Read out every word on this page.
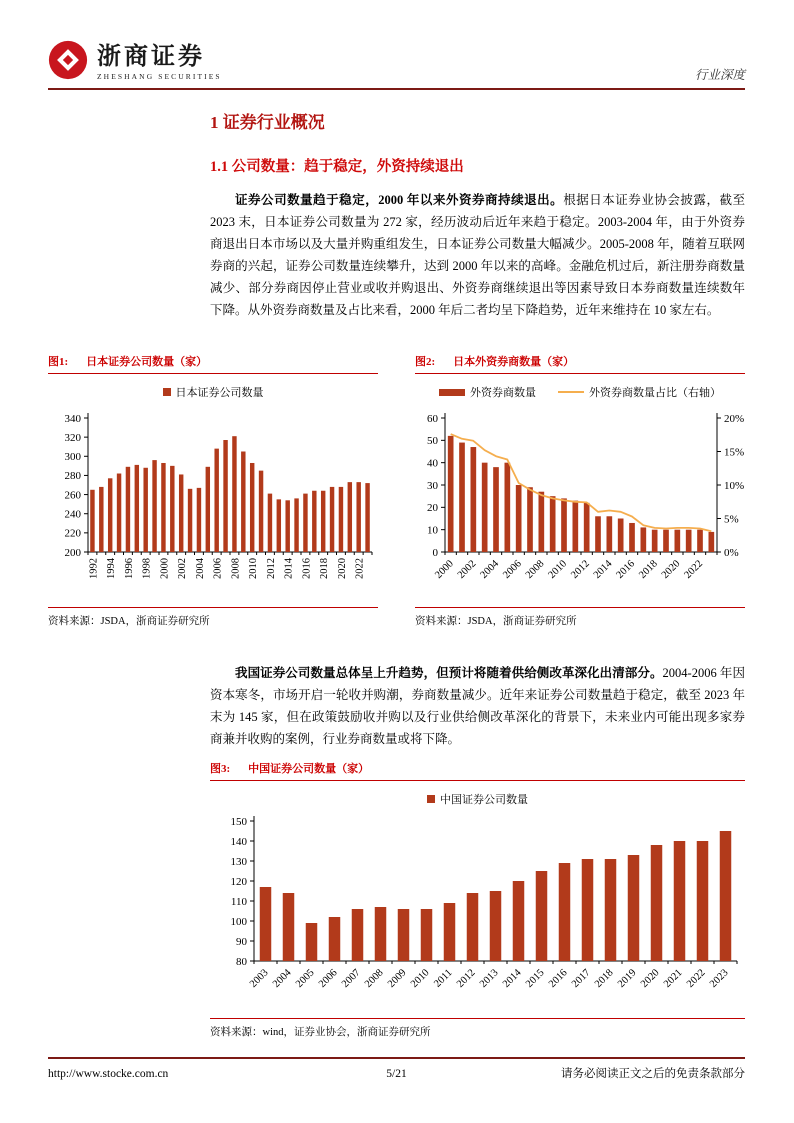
浙商证券
ZHESHANG SECURITIES	行业深度
1 证券行业概况
1.1 公司数量：趋于稳定，外资持续退出

证券公司数量趋于稳定，2000 年以来外资券商持续退出。根据日本证券业协会披露，截至 2023 末，日本证券公司数量为 272 家，经历波动后近年来趋于稳定。2003-2004 年，由于外资券商退出日本市场以及大量并购重组发生，日本证券公司数量大幅减少。2005-2008 年，随着互联网券商的兴起，证券公司数量连续攀升，达到 2000 年以来的高峰。金融危机过后，新注册券商数量减少、部分券商因停止营业或收并购退出、外资券商继续退出等因素导致日本券商数量连续数年下降。从外资券商数量及占比来看，2000 年后二者均呈下降趋势，近年来维持在 10 家左右。

图1: 日本证券公司数量（家）
日本证券公司数量
200
220
240
260
280
300
320
340
1992 1994 1996 1998 2000 2002 2004 2006 2008 2010 2012 2014 2016 2018 2020 2022
资料来源：JSDA，浙商证券研究所
图2: 日本外资券商数量（家）
外资券商数量	外资券商数量占比（右轴）
0
10
20
30
40
50
60
0%
5%
10%
15%
20%
2000 2002 2004 2006 2008 2010 2012 2014 2016 2018 2020 2022
资料来源：JSDA，浙商证券研究所

我国证券公司数量总体呈上升趋势，但预计将随着供给侧改革深化出清部分。2004-2006 年因资本寒冬，市场开启一轮收并购潮，券商数量减少。近年来证券公司数量趋于稳定，截至 2023 年末为 145 家，但在政策鼓励收并购以及行业供给侧改革深化的背景下，未来业内可能出现多家券商兼并收购的案例，行业券商数量或将下降。

图3: 中国证券公司数量（家）
中国证券公司数量
80
90
100
110
120
130
140
150
2003 2004 2005 2006 2007 2008 2009 2010 2011 2012 2013 2014 2015 2016 2017 2018 2019 2020 2021 2022 2023
资料来源：wind，证券业协会，浙商证券研究所
http://www.stocke.com.cn	5/21	请务必阅读正文之后的免责条款部分
